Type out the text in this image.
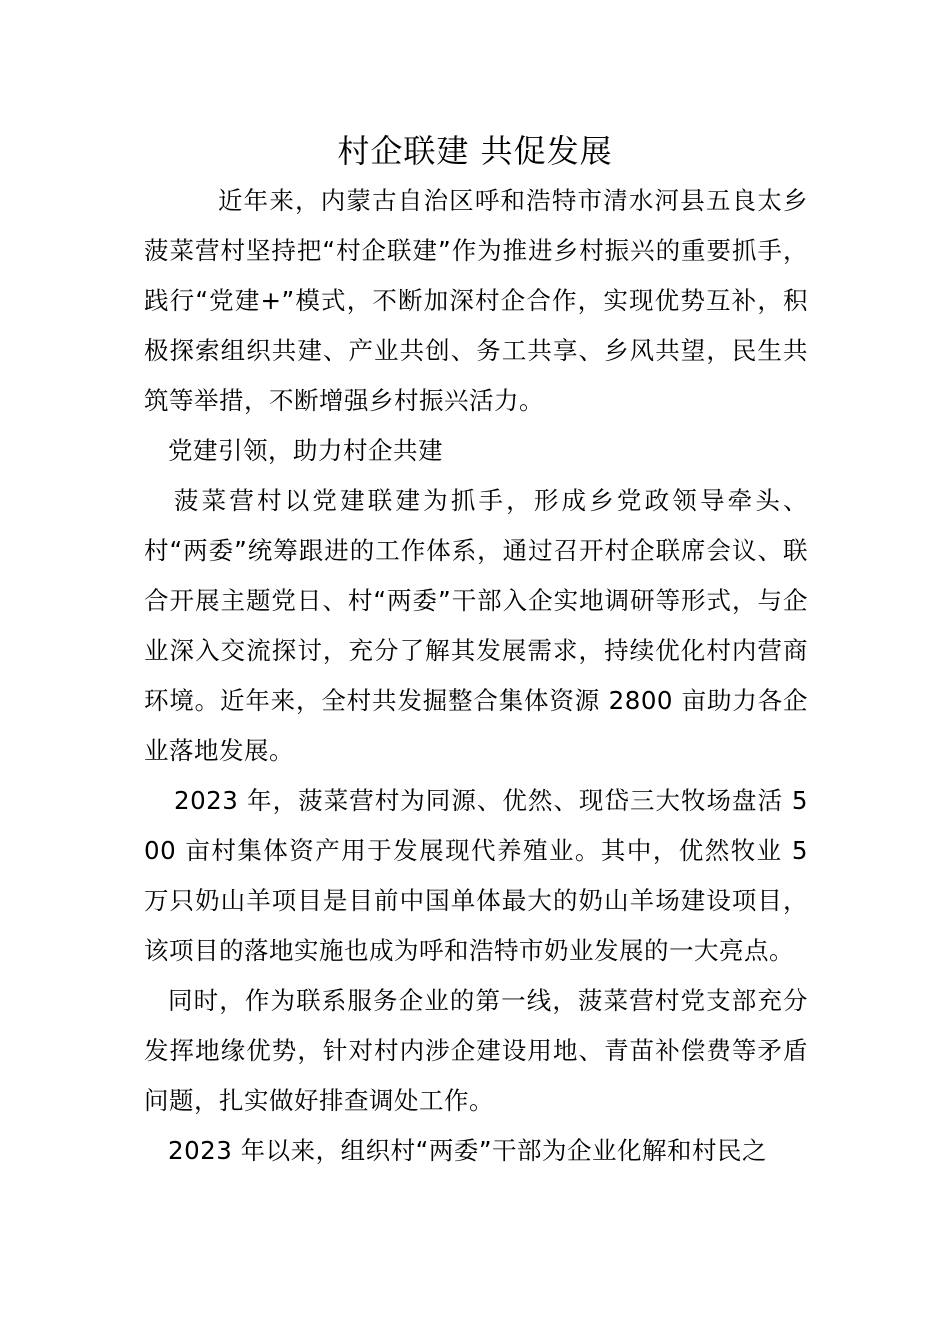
村企联建 共促发展

近年来，内蒙古自治区呼和浩特市清水河县五良太乡菠菜营村坚持把“村企联建”作为推进乡村振兴的重要抓手，践行“党建+”模式，不断加深村企合作，实现优势互补，积极探索组织共建、产业共创、务工共享、乡风共望，民生共筑等举措，不断增强乡村振兴活力。

党建引领，助力村企共建

菠菜营村以党建联建为抓手，形成乡党政领导牵头、村“两委”统筹跟进的工作体系，通过召开村企联席会议、联合开展主题党日、村“两委”干部入企实地调研等形式，与企业深入交流探讨，充分了解其发展需求，持续优化村内营商环境。近年来，全村共发掘整合集体资源 2800 亩助力各企业落地发展。

2023 年，菠菜营村为同源、优然、现岱三大牧场盘活 500 亩村集体资产用于发展现代养殖业。其中，优然牧业 5 万只奶山羊项目是目前中国单体最大的奶山羊场建设项目，该项目的落地实施也成为呼和浩特市奶业发展的一大亮点。

同时，作为联系服务企业的第一线，菠菜营村党支部充分发挥地缘优势，针对村内涉企建设用地、青苗补偿费等矛盾问题，扎实做好排查调处工作。

2023 年以来，组织村“两委”干部为企业化解和村民之
